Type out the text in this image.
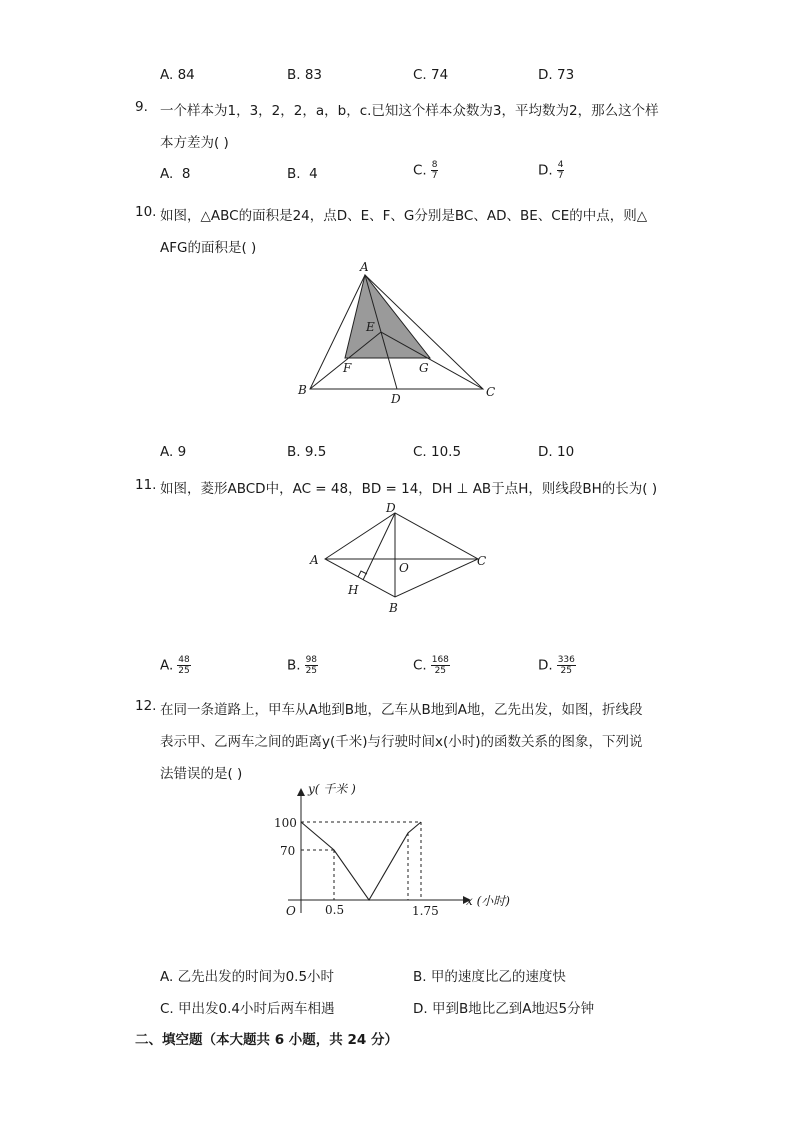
A. 84	B. 83	C. 74	D. 73
9. 一个样本为1，3，2，2，a，b，c.已知这个样本众数为3，平均数为2，那么这个样
本方差为( )
A. 8	B. 4	C. $\frac{8}{7}$	D. $\frac{4}{7}$
10. 如图，△ABC的面积是24，点D、E、F、G分别是BC、AD、BE、CE的中点，则△
AFG的面积是( )
A
E
F	G
B
D	C
A. 9	B. 9.5	C. 10.5	D. 10
11. 如图，菱形ABCD中，AC = 48，BD = 14，DH ⊥ AB于点H，则线段BH的长为( )
D
A
O	C
H
B
A. $\frac{48}{25}$	B. $\frac{98}{25}$	C. $\frac{168}{25}$	D. $\frac{336}{25}$
12. 在同一条道路上，甲车从A地到B地，乙车从B地到A地，乙先出发，如图，折线段
表示甲、乙两车之间的距离y(千米)与行驶时间x(小时)的函数关系的图象，下列说
法错误的是( )
y( 千米 )
x (小时)
O
100
70
0.5	1.75
A. 乙先出发的时间为0.5小时	B. 甲的速度比乙的速度快
C. 甲出发0.4小时后两车相遇	D. 甲到B地比乙到A地迟5分钟
二、填空题（本大题共 6 小题，共 24 分）
